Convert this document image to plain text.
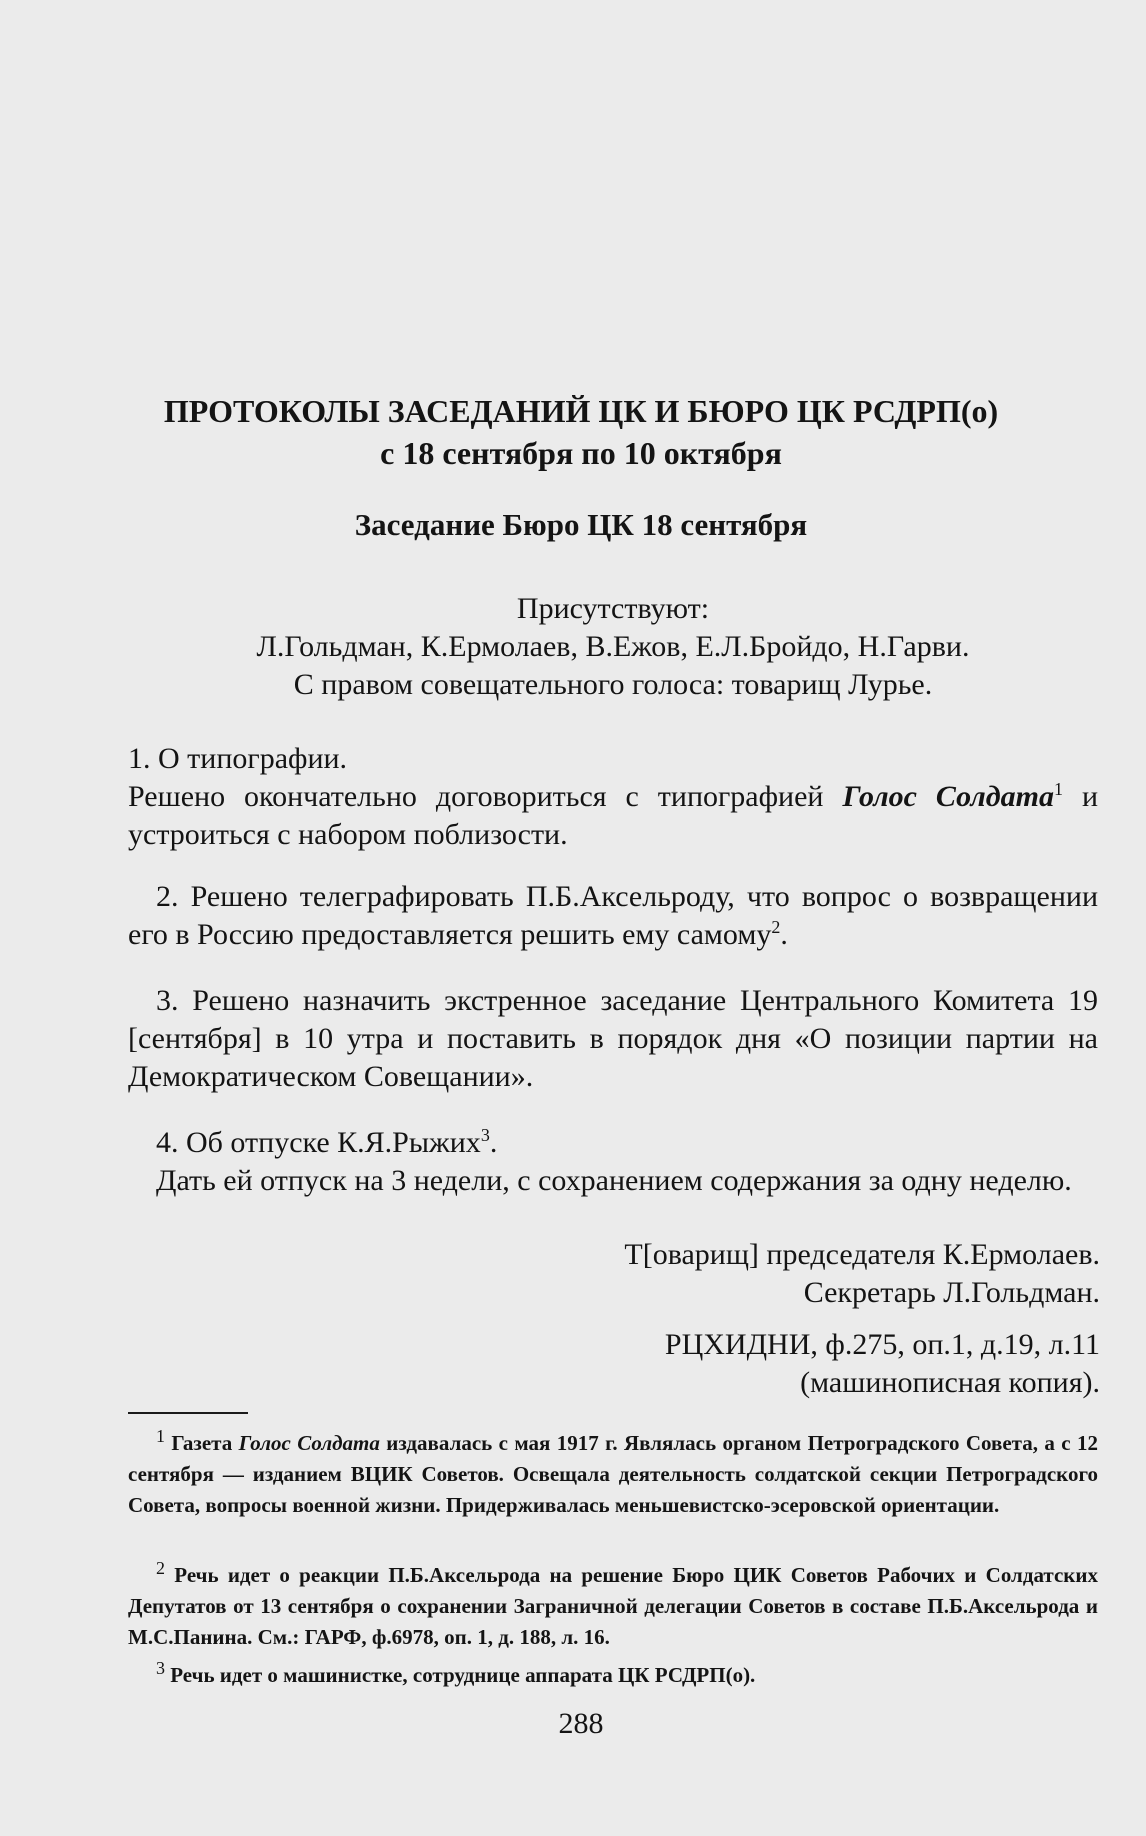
ПРОТОКОЛЫ ЗАСЕДАНИЙ ЦК И БЮРО ЦК РСДРП(о)
с 18 сентября по 10 октября
Заседание Бюро ЦК 18 сентября
Присутствуют:
Л.Гольдман, К.Ермолаев, В.Ежов, Е.Л.Бройдо, Н.Гарви.
С правом совещательного голоса: товарищ Лурье.
1. О типографии.
Решено окончательно договориться с типографией Голос Солдата$^1$ и устроиться с набором поблизости.
2. Решено телеграфировать П.Б.Аксельроду, что вопрос о возвращении его в Россию предоставляется решить ему самому$^2$.
3. Решено назначить экстренное заседание Центрального Комитета 19 [сентября] в 10 утра и поставить в порядок дня «О позиции партии на Демократическом Совещании».
4. Об отпуске К.Я.Рыжих$^3$.
Дать ей отпуск на 3 недели, с сохранением содержания за одну неделю.
Т[оварищ] председателя К.Ермолаев.
Секретарь Л.Гольдман.
РЦХИДНИ, ф.275, оп.1, д.19, л.11
(машинописная копия).
1 Газета Голос Солдата издавалась с мая 1917 г. Являлась органом Петроградского Совета, а с 12 сентября — изданием ВЦИК Советов. Освещала деятельность солдатской секции Петроградского Совета, вопросы военной жизни. Придерживалась меньшевистско-эсеровской ориентации.
2 Речь идет о реакции П.Б.Аксельрода на решение Бюро ЦИК Советов Рабочих и Солдатских Депутатов от 13 сентября о сохранении Заграничной делегации Советов в составе П.Б.Аксельрода и М.С.Панина. См.: ГАРФ, ф.6978, оп. 1, д. 188, л. 16.
3 Речь идет о машинистке, сотруднице аппарата ЦК РСДРП(о).
288
